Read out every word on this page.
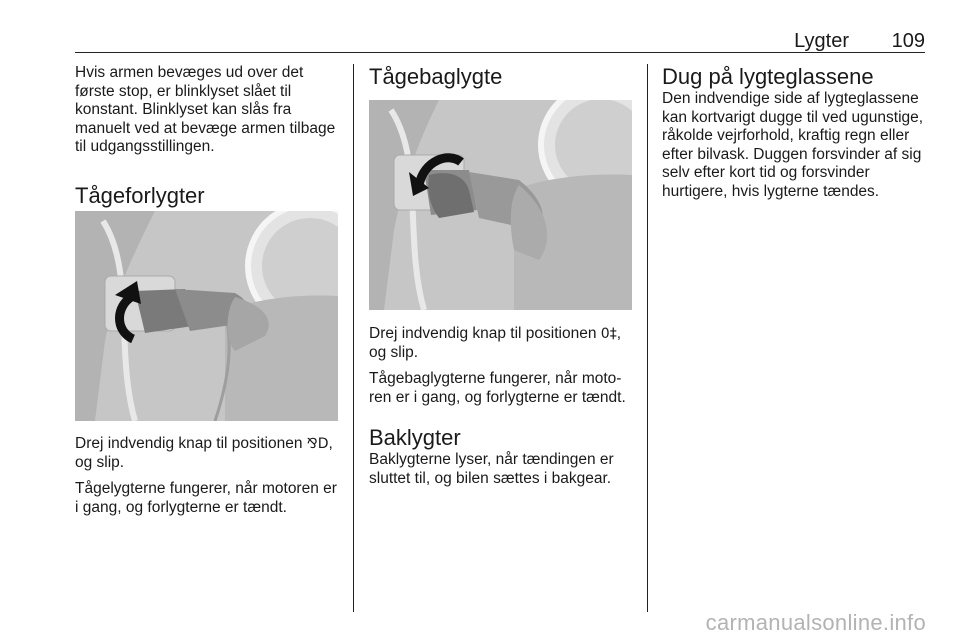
Lygter 109

Hvis armen bevæges ud over det første stop, er blinklyset slået til konstant. Blinklyset kan slås fra manuelt ved at bevæge armen tilbage til udgangsstillingen.

Tågeforlygter

Drej indvendig knap til positionen ⅋D, og slip.

Tågelygterne fungerer, når motoren er i gang, og forlygterne er tændt.

Tågebaglygte

Drej indvendig knap til positionen 0‡, og slip.

Tågebaglygterne fungerer, når motoren er i gang, og forlygterne er tændt.

Baklygter

Baklygterne lyser, når tændingen er sluttet til, og bilen sættes i bakgear.

Dug på lygteglassene

Den indvendige side af lygteglassene kan kortvarigt dugge til ved ugunstige, råkolde vejrforhold, kraftig regn eller efter bilvask. Duggen forsvinder af sig selv efter kort tid og forsvinder hurtigere, hvis lygterne tændes.

carmanualsonline.info
